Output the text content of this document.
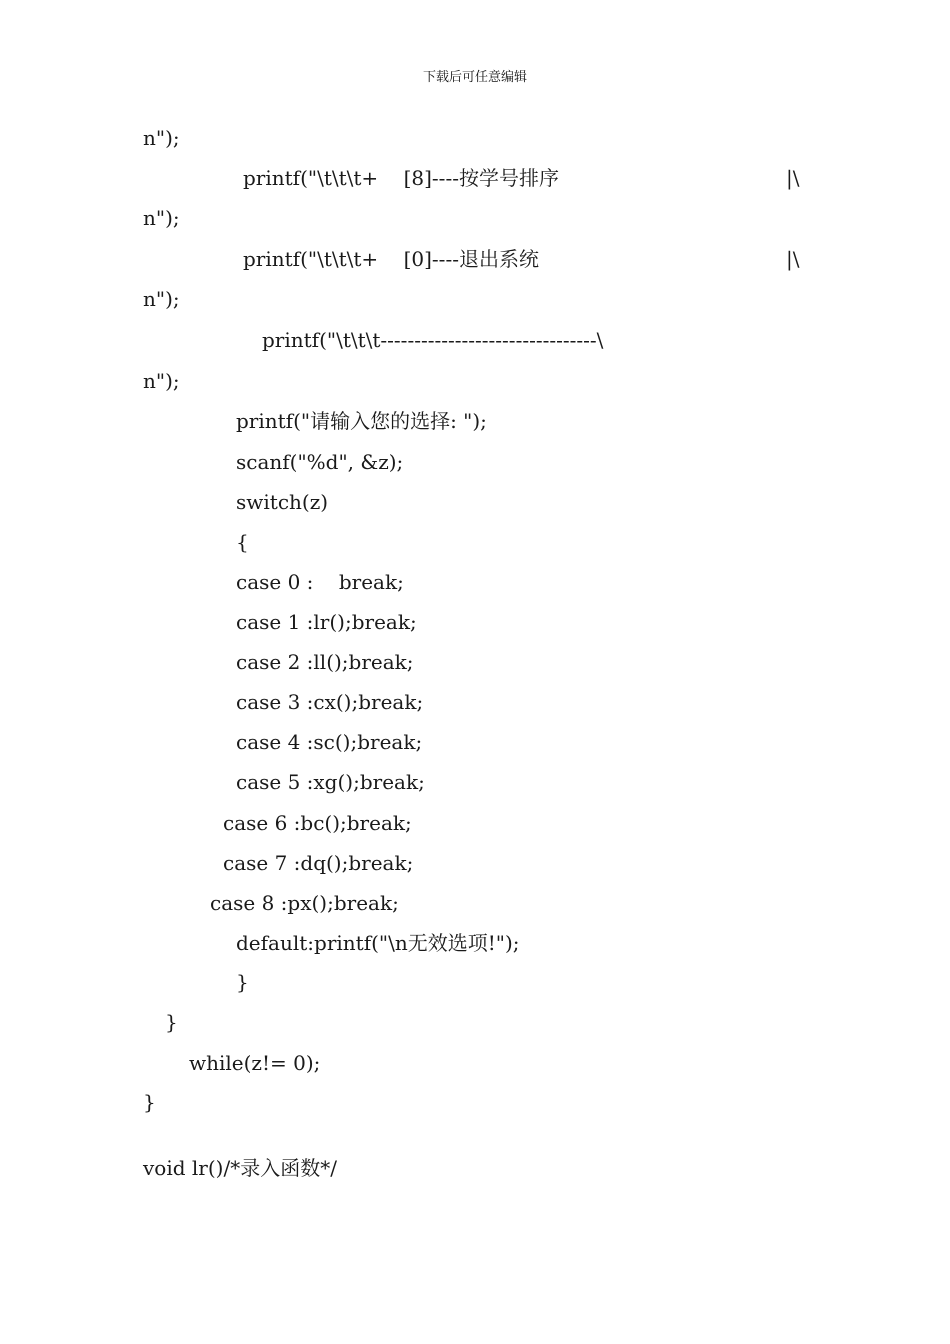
下载后可任意编辑
n");
printf("\t\t\t+    [8]----按学号排序	|\
n");
printf("\t\t\t+    [0]----退出系统	|\
n");
printf("\t\t\t--------------------------------\
n");
printf("请输入您的选择: ");
scanf("%d", &z);
switch(z)
{
case 0 :    break;
case 1 :lr();break;
case 2 :ll();break;
case 3 :cx();break;
case 4 :sc();break;
case 5 :xg();break;
case 6 :bc();break;
case 7 :dq();break;
case 8 :px();break;
default:printf("\n无效选项!");
}
}
while(z!= 0);
}
void lr()/*录入函数*/
